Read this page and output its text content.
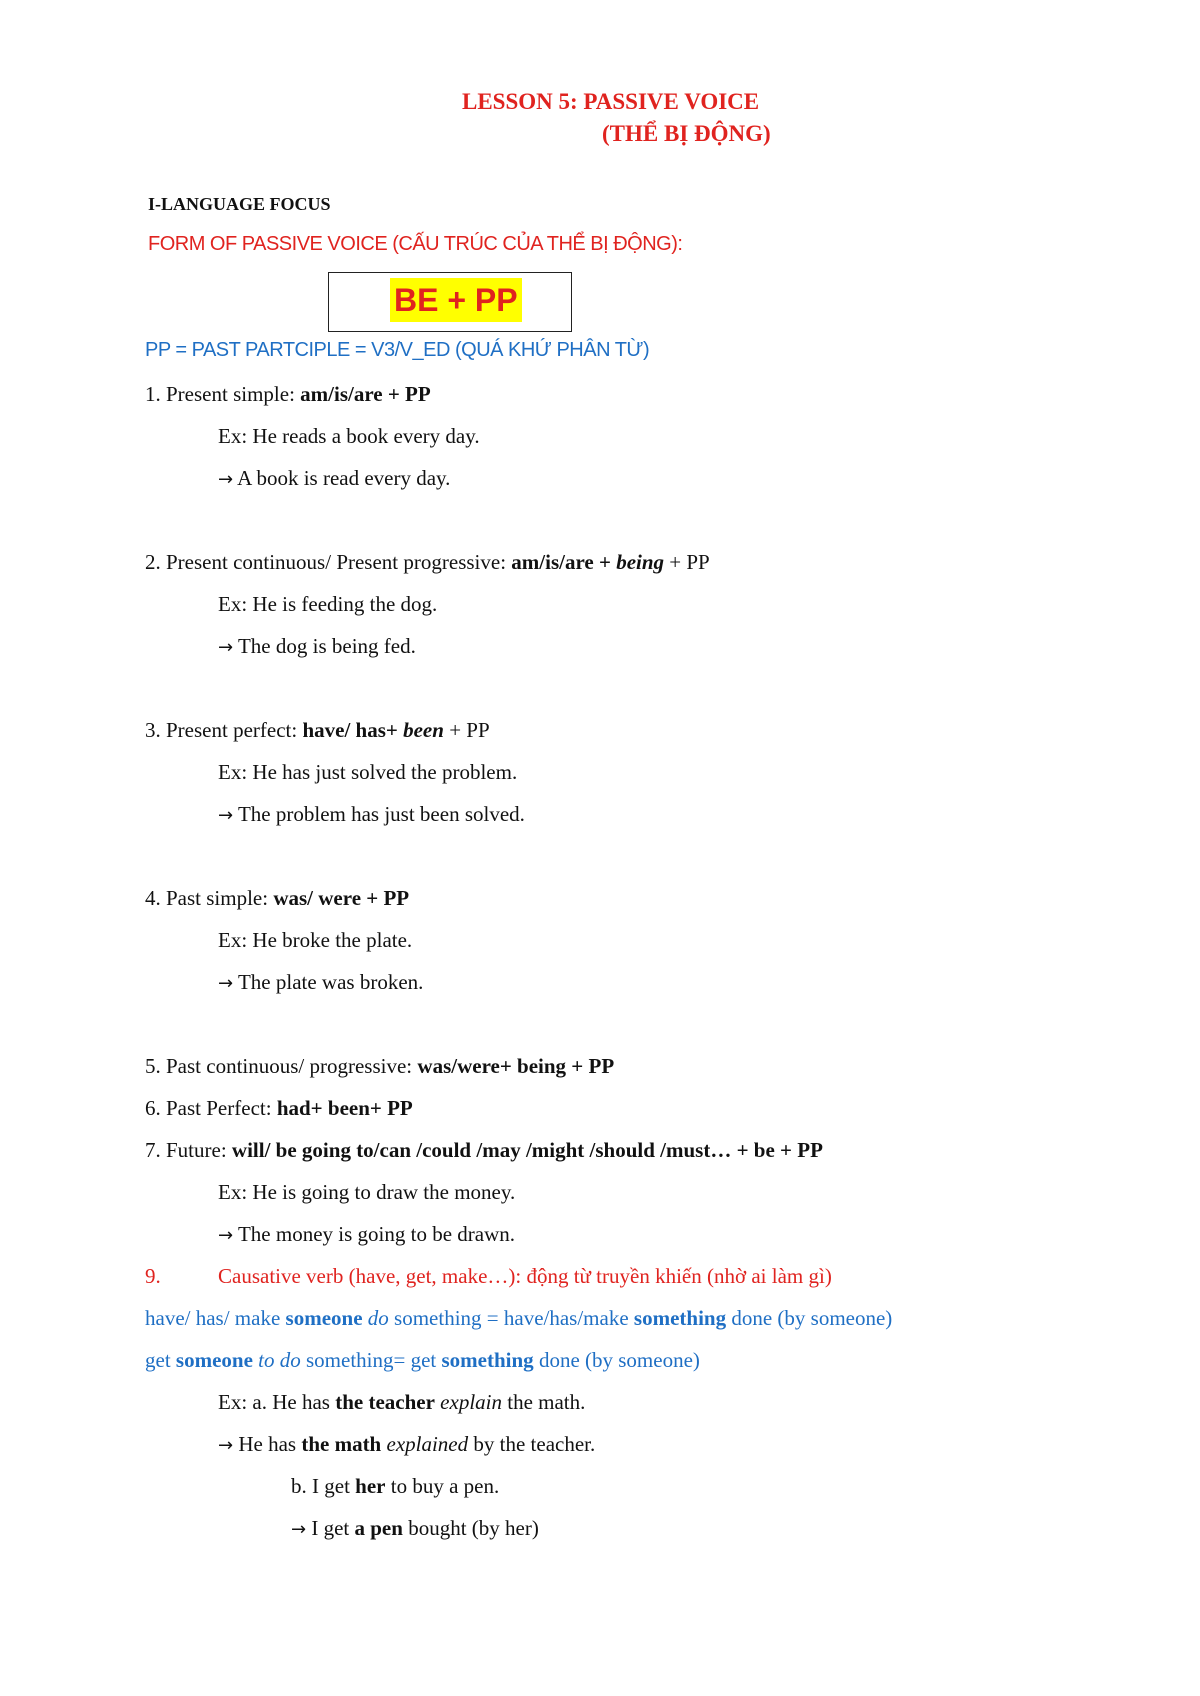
LESSON 5: PASSIVE VOICE
(THỂ BỊ ĐỘNG)
I-LANGUAGE FOCUS
FORM OF PASSIVE VOICE (CẤU TRÚC CỦA THỂ BỊ ĐỘNG):
BE + PP
PP = PAST PARTCIPLE = V3/V_ED (QUÁ KHỨ PHÂN TỪ)
1. Present simple: am/is/are + PP
Ex: He reads a book every day.
→ A book is read every day.
2. Present continuous/ Present progressive: am/is/are + being + PP
Ex: He is feeding the dog.
→ The dog is being fed.
3. Present perfect: have/ has+ been + PP
Ex: He has just solved the problem.
→ The problem has just been solved.
4. Past simple: was/ were + PP
Ex: He broke the plate.
→ The plate was broken.
5. Past continuous/ progressive: was/were+ being + PP
6. Past Perfect: had+ been+ PP
7. Future: will/ be going to/can /could /may /might /should /must… + be + PP
Ex: He is going to draw the money.
→ The money is going to be drawn.
9.	Causative verb (have, get, make…): động từ truyền khiến (nhờ ai làm gì)
have/ has/ make someone do something = have/has/make something done (by someone)
get someone to do something= get something done (by someone)
Ex: a. He has the teacher explain the math.
→ He has the math explained by the teacher.
b. I get her to buy a pen.
→ I get a pen bought (by her)
